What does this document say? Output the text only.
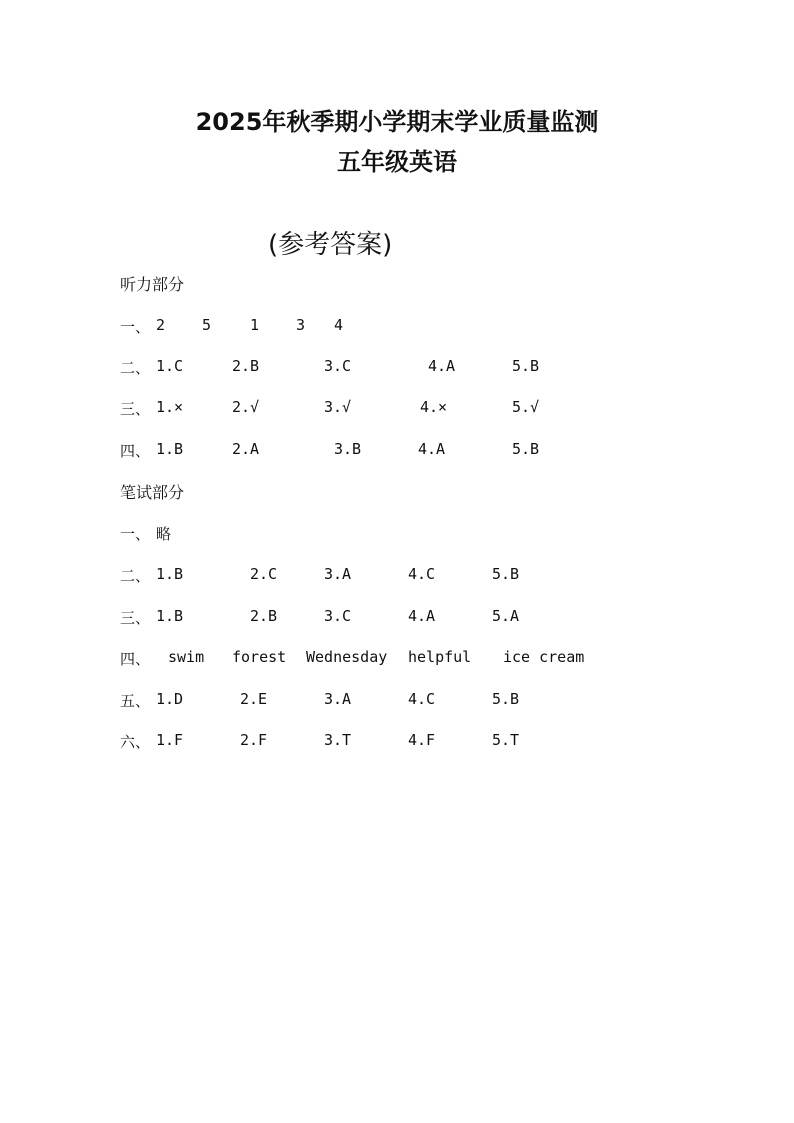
2025年秋季期小学期末学业质量监测
五年级英语
(参考答案)
听力部分
一、 2 5	1 3 4
二、 1.C	2.B	3.C	4.A	5.B
三、 1.×	2.√	3.√	4.×	5.√
四、 1.B	2.A	3.B	4.A	5.B
笔试部分
一、 略
二、 1.B	2.C	3.A	4.C	5.B
三、 1.B	2.B	3.C	4.A	5.A
四、 swim forest Wednesday helpful ice cream
五、 1.D	2.E	3.A	4.C	5.B
六、 1.F	2.F	3.T	4.F	5.T
